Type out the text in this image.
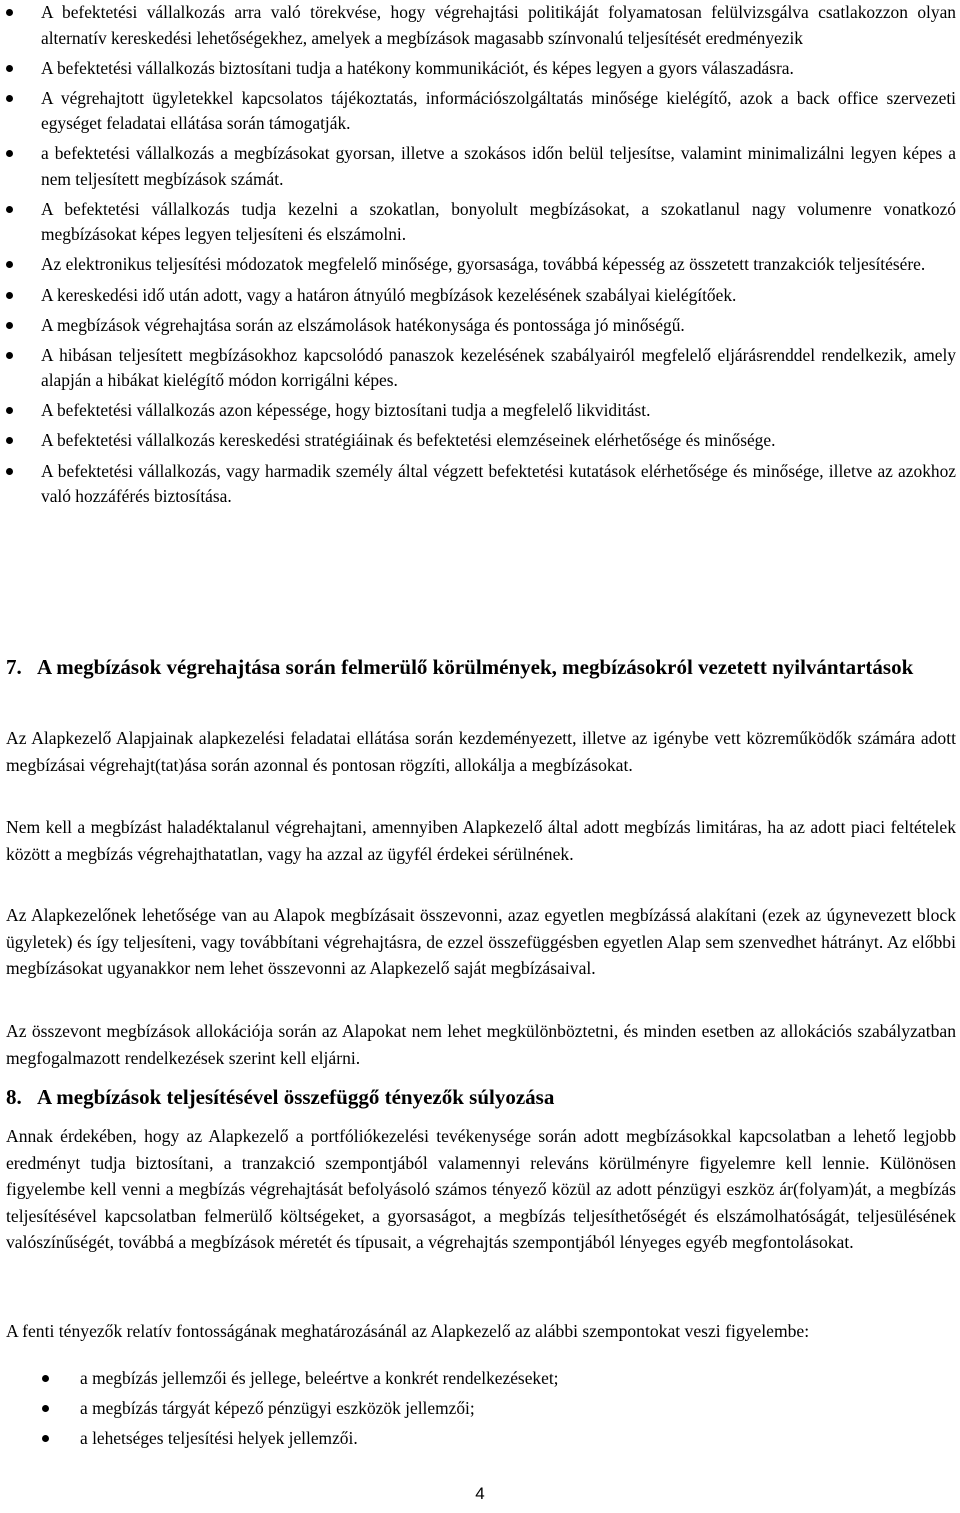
A befektetési vállalkozás arra való törekvése, hogy végrehajtási politikáját folyamatosan felülvizsgálva csatlakozzon olyan alternatív kereskedési lehetőségekhez, amelyek a megbízások magasabb színvonalú teljesítését eredményezik
A befektetési vállalkozás biztosítani tudja a hatékony kommunikációt, és képes legyen a gyors válaszadásra.
A végrehajtott ügyletekkel kapcsolatos tájékoztatás, információszolgáltatás minősége kielégítő, azok a back office szervezeti egységet feladatai ellátása során támogatják.
a befektetési vállalkozás a megbízásokat gyorsan, illetve a szokásos időn belül teljesítse, valamint minimalizálni legyen képes a nem teljesített megbízások számát.
A befektetési vállalkozás tudja kezelni a szokatlan, bonyolult megbízásokat, a szokatlanul nagy volumenre vonatkozó megbízásokat képes legyen teljesíteni és elszámolni.
Az elektronikus teljesítési módozatok megfelelő minősége, gyorsasága, továbbá képesség az összetett tranzakciók teljesítésére.
A kereskedési idő után adott, vagy a határon átnyúló megbízások kezelésének szabályai kielégítőek.
A megbízások végrehajtása során az elszámolások hatékonysága és pontossága jó minőségű.
A hibásan teljesített megbízásokhoz kapcsolódó panaszok kezelésének szabályairól megfelelő eljárásrenddel rendelkezik, amely alapján a hibákat kielégítő módon korrigálni képes.
A befektetési vállalkozás azon képessége, hogy biztosítani tudja a megfelelő likviditást.
A befektetési vállalkozás kereskedési stratégiáinak és befektetési elemzéseinek elérhetősége és minősége.
A befektetési vállalkozás, vagy harmadik személy által végzett befektetési kutatások elérhetősége és minősége, illetve az azokhoz való hozzáférés biztosítása.
7. A megbízások végrehajtása során felmerülő körülmények, megbízásokról vezetett nyilvántartások

Az Alapkezelő Alapjainak alapkezelési feladatai ellátása során kezdeményezett, illetve az igénybe vett közreműködők számára adott megbízásai végrehajt(tat)ása során azonnal és pontosan rögzíti, allokálja a megbízásokat.

Nem kell a megbízást haladéktalanul végrehajtani, amennyiben Alapkezelő által adott megbízás limitáras, ha az adott piaci feltételek között a megbízás végrehajthatatlan, vagy ha azzal az ügyfél érdekei sérülnének.

Az Alapkezelőnek lehetősége van au Alapok megbízásait összevonni, azaz egyetlen megbízássá alakítani (ezek az úgynevezett block ügyletek) és így teljesíteni, vagy továbbítani végrehajtásra, de ezzel összefüggésben egyetlen Alap sem szenvedhet hátrányt. Az előbbi megbízásokat ugyanakkor nem lehet összevonni az Alapkezelő saját megbízásaival.

Az összevont megbízások allokációja során az Alapokat nem lehet megkülönböztetni, és minden esetben az allokációs szabályzatban megfogalmazott rendelkezések szerint kell eljárni.

8. A megbízások teljesítésével összefüggő tényezők súlyozása

Annak érdekében, hogy az Alapkezelő a portfóliókezelési tevékenysége során adott megbízásokkal kapcsolatban a lehető legjobb eredményt tudja biztosítani, a tranzakció szempontjából valamennyi releváns körülményre figyelemre kell lennie. Különösen figyelembe kell venni a megbízás végrehajtását befolyásoló számos tényező közül az adott pénzügyi eszköz ár(folyam)át, a megbízás teljesítésével kapcsolatban felmerülő költségeket, a gyorsaságot, a megbízás teljesíthetőségét és elszámolhatóságát, teljesülésének valószínűségét, továbbá a megbízások méretét és típusait, a végrehajtás szempontjából lényeges egyéb megfontolásokat.

A fenti tényezők relatív fontosságának meghatározásánál az Alapkezelő az alábbi szempontokat veszi figyelembe:

a megbízás jellemzői és jellege, beleértve a konkrét rendelkezéseket;
a megbízás tárgyát képező pénzügyi eszközök jellemzői;
a lehetséges teljesítési helyek jellemzői.
4
